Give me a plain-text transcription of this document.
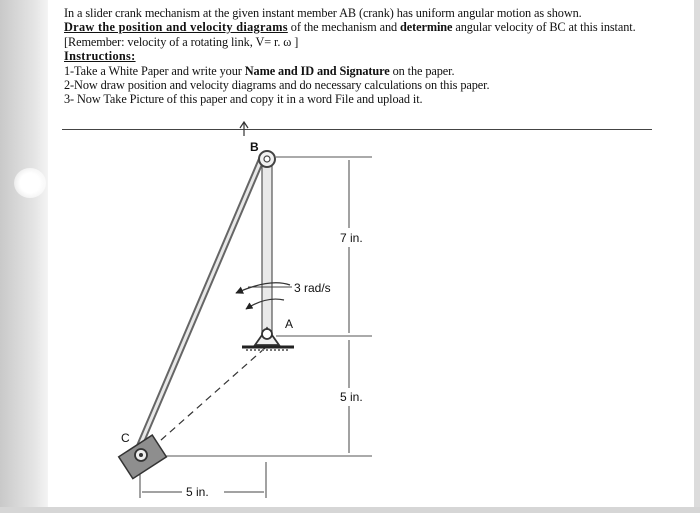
In a slider crank mechanism at the given instant member AB (crank) has uniform angular motion as shown.
Draw the position and velocity diagrams of the mechanism and determine angular velocity of BC at this instant.
[Remember: velocity of a rotating link, V= r. ω ]
Instructions:
1-Take a White Paper and write your Name and ID and Signature on the paper.
2-Now draw position and velocity diagrams and do necessary calculations on this paper.
3- Now Take Picture of this paper and copy it in a word File and upload it.
B
A
C
7 in.
5 in.
5 in.
3 rad/s
